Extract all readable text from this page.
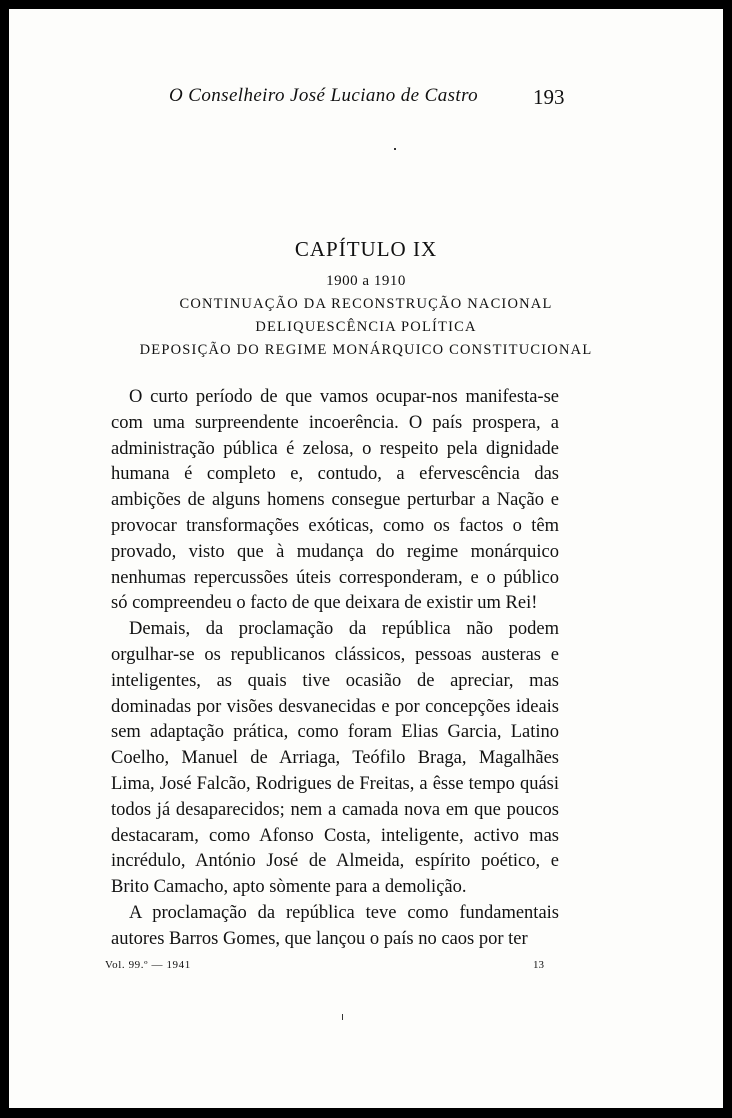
O Conselheiro José Luciano de Castro	193
CAPÍTULO IX
1900 a 1910
CONTINUAÇÃO DA RECONSTRUÇÃO NACIONAL
DELIQUESCÊNCIA POLÍTICA
DEPOSIÇÃO DO REGIME MONÁRQUICO CONSTITUCIONAL

O curto período de que vamos ocupar-nos manifesta-se com uma surpreendente incoerência. O país prospera, a administração pública é zelosa, o respeito pela dignidade humana é completo e, contudo, a efervescência das ambições de alguns homens consegue perturbar a Nação e provocar transformações exóticas, como os factos o têm provado, visto que à mudança do regime monárquico nenhumas repercussões úteis corresponderam, e o público só compreendeu o facto de que deixara de existir um Rei!

Demais, da proclamação da república não podem orgulhar-se os republicanos clássicos, pessoas austeras e inteligentes, as quais tive ocasião de apreciar, mas dominadas por visões desvanecidas e por concepções ideais sem adaptação prática, como foram Elias Garcia, Latino Coelho, Manuel de Arriaga, Teófilo Braga, Magalhães Lima, José Falcão, Rodrigues de Freitas, a êsse tempo quási todos já desaparecidos; nem a camada nova em que poucos destacaram, como Afonso Costa, inteligente, activo mas incrédulo, António José de Almeida, espírito poético, e Brito Camacho, apto sòmente para a demolição.

A proclamação da república teve como fundamentais autores Barros Gomes, que lançou o país no caos por ter

Vol. 99.º — 1941	13
